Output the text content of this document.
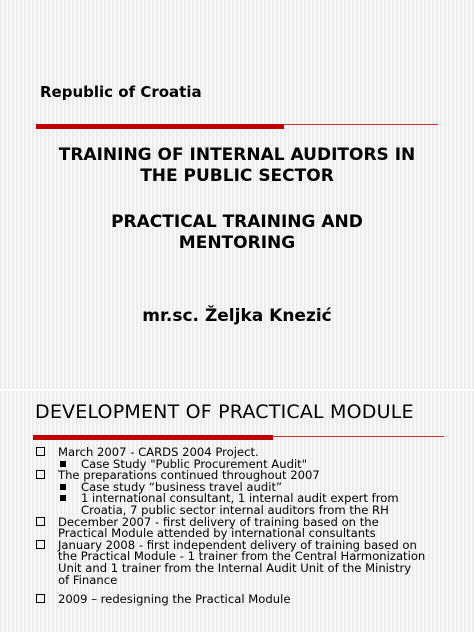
Republic of Croatia
TRAINING OF INTERNAL AUDITORS IN
THE PUBLIC SECTOR
PRACTICAL TRAINING AND
MENTORING
mr.sc. Željka Knezić
DEVELOPMENT OF PRACTICAL MODULE
March 2007 - CARDS 2004 Project.
Case Study "Public Procurement Audit"
The preparations continued throughout 2007
Case study “business travel audit”
1 international consultant, 1 internal audit expert from
Croatia, 7 public sector internal auditors from the RH
December 2007 - first delivery of training based on the
Practical Module attended by international consultants
January 2008 - first independent delivery of training based on
the Practical Module - 1 trainer from the Central Harmonization
Unit and 1 trainer from the Internal Audit Unit of the Ministry
of Finance
2009 – redesigning the Practical Module
